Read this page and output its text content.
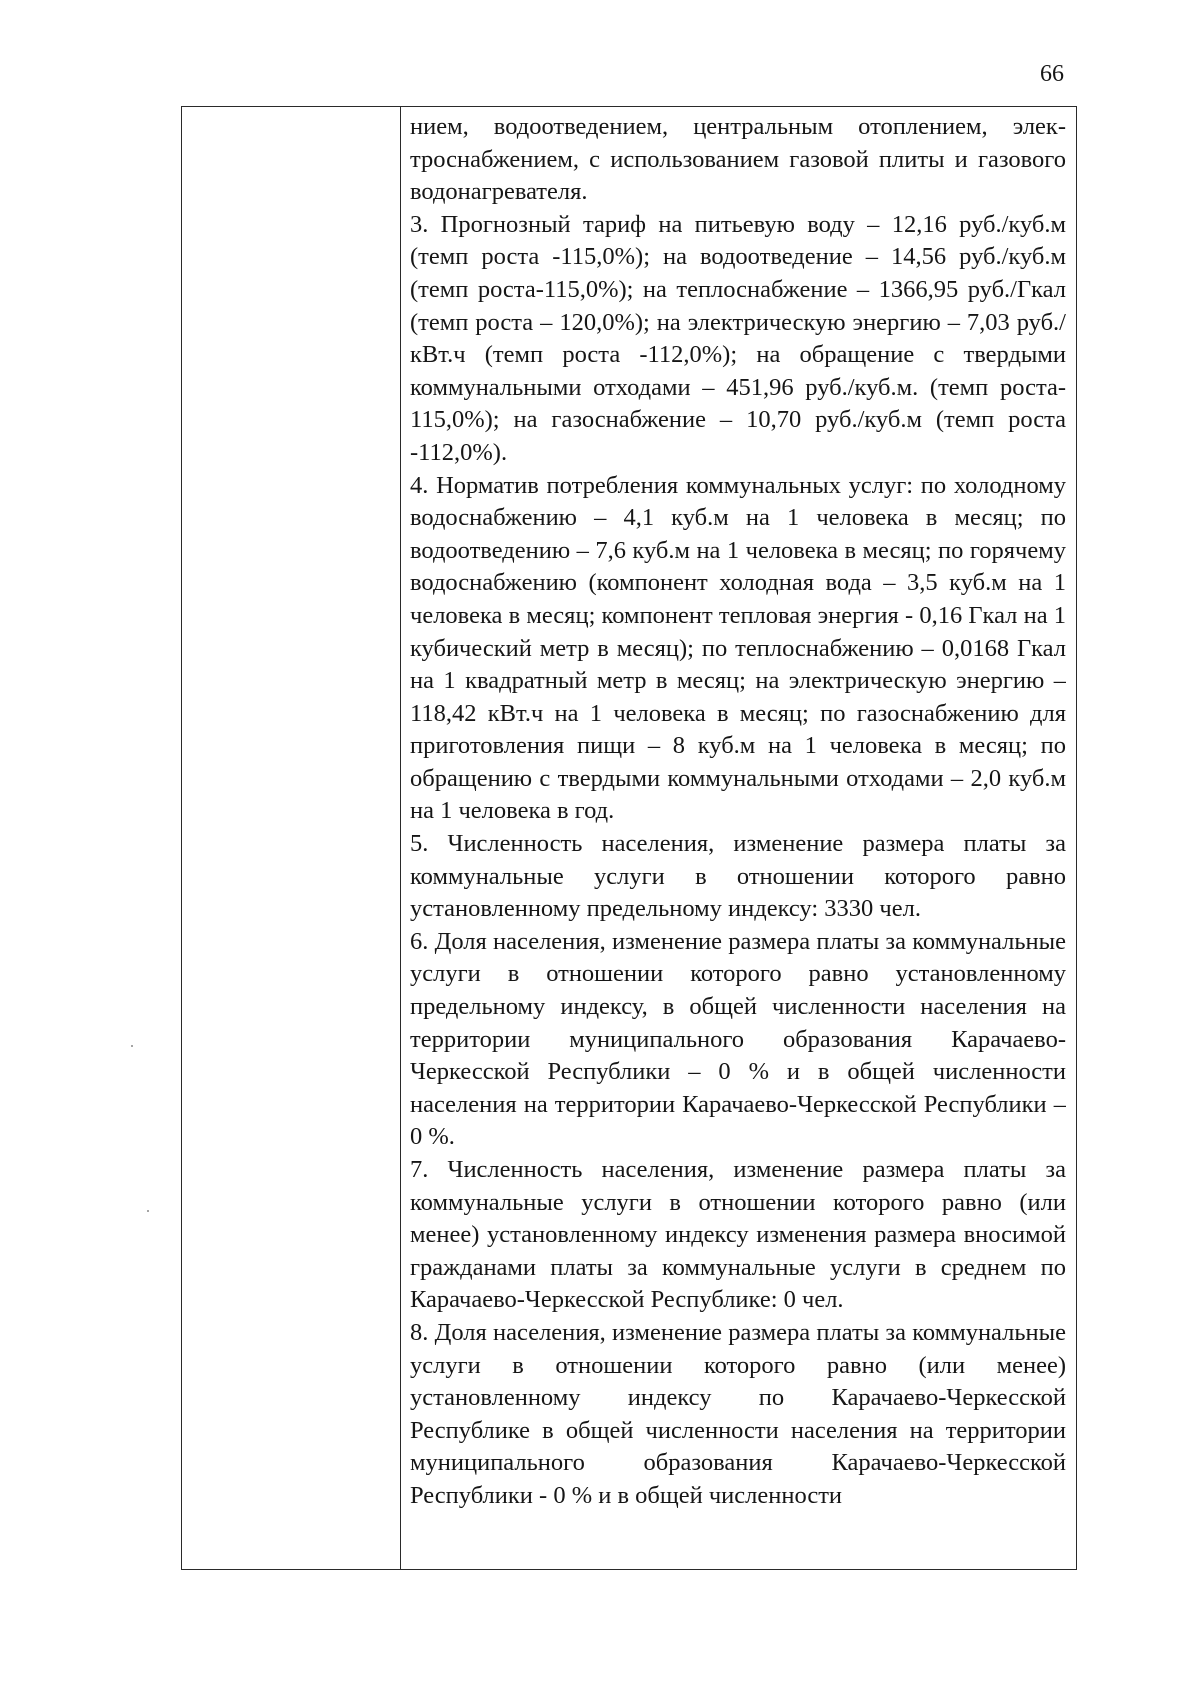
66

нием, водоотведением, центральным отоплением, электроснабжением, с использованием газовой плиты и газового водонагревателя.

3. Прогнозный тариф на питьевую воду – 12,16 руб./куб.м (темп роста -115,0%); на водоотведение – 14,56 руб./куб.м (темп роста-115,0%); на теплоснабжение – 1366,95 руб./Гкал (темп роста – 120,0%); на электрическую энергию – 7,03 руб./кВт.ч (темп роста -112,0%); на обращение с твердыми коммунальными отходами – 451,96 руб./куб.м. (темп роста- 115,0%); на газоснабжение – 10,70 руб./куб.м (темп роста -112,0%).

4. Норматив потребления коммунальных услуг: по холодному водоснабжению – 4,1 куб.м на 1 человека в месяц; по водоотведению – 7,6 куб.м на 1 человека в месяц; по горячему водоснабжению (компонент холодная вода – 3,5 куб.м на 1 человека в месяц; компонент тепловая энергия - 0,16 Гкал на 1 кубический метр в месяц); по теплоснабжению – 0,0168 Гкал на 1 квадратный метр в месяц; на электрическую энергию – 118,42 кВт.ч на 1 человека в месяц; по газоснабжению для приготовления пищи – 8 куб.м на 1 человека в месяц; по обращению с твердыми коммунальными отходами – 2,0 куб.м на 1 человека в год.

5. Численность населения, изменение размера платы за коммунальные услуги в отношении которого равно установленному предельному индексу: 3330 чел.

6. Доля населения, изменение размера платы за коммунальные услуги в отношении которого равно установленному предельному индексу, в общей численности населения на территории муниципального образования Карачаево-Черкесской Республики – 0 % и в общей численности населения на территории Карачаево-Черкесской Республики – 0 %.

7. Численность населения, изменение размера платы за коммунальные услуги в отношении которого равно (или менее) установленному индексу изменения размера вносимой гражданами платы за коммунальные услуги в среднем по Карачаево-Черкесской Республике: 0 чел.

8. Доля населения, изменение размера платы за коммунальные услуги в отношении которого равно (или менее) установленному индексу по Карачаево-Черкесской Республике в общей численности населения на территории муниципального образования Карачаево-Черкесской Республики - 0 % и в общей численности
